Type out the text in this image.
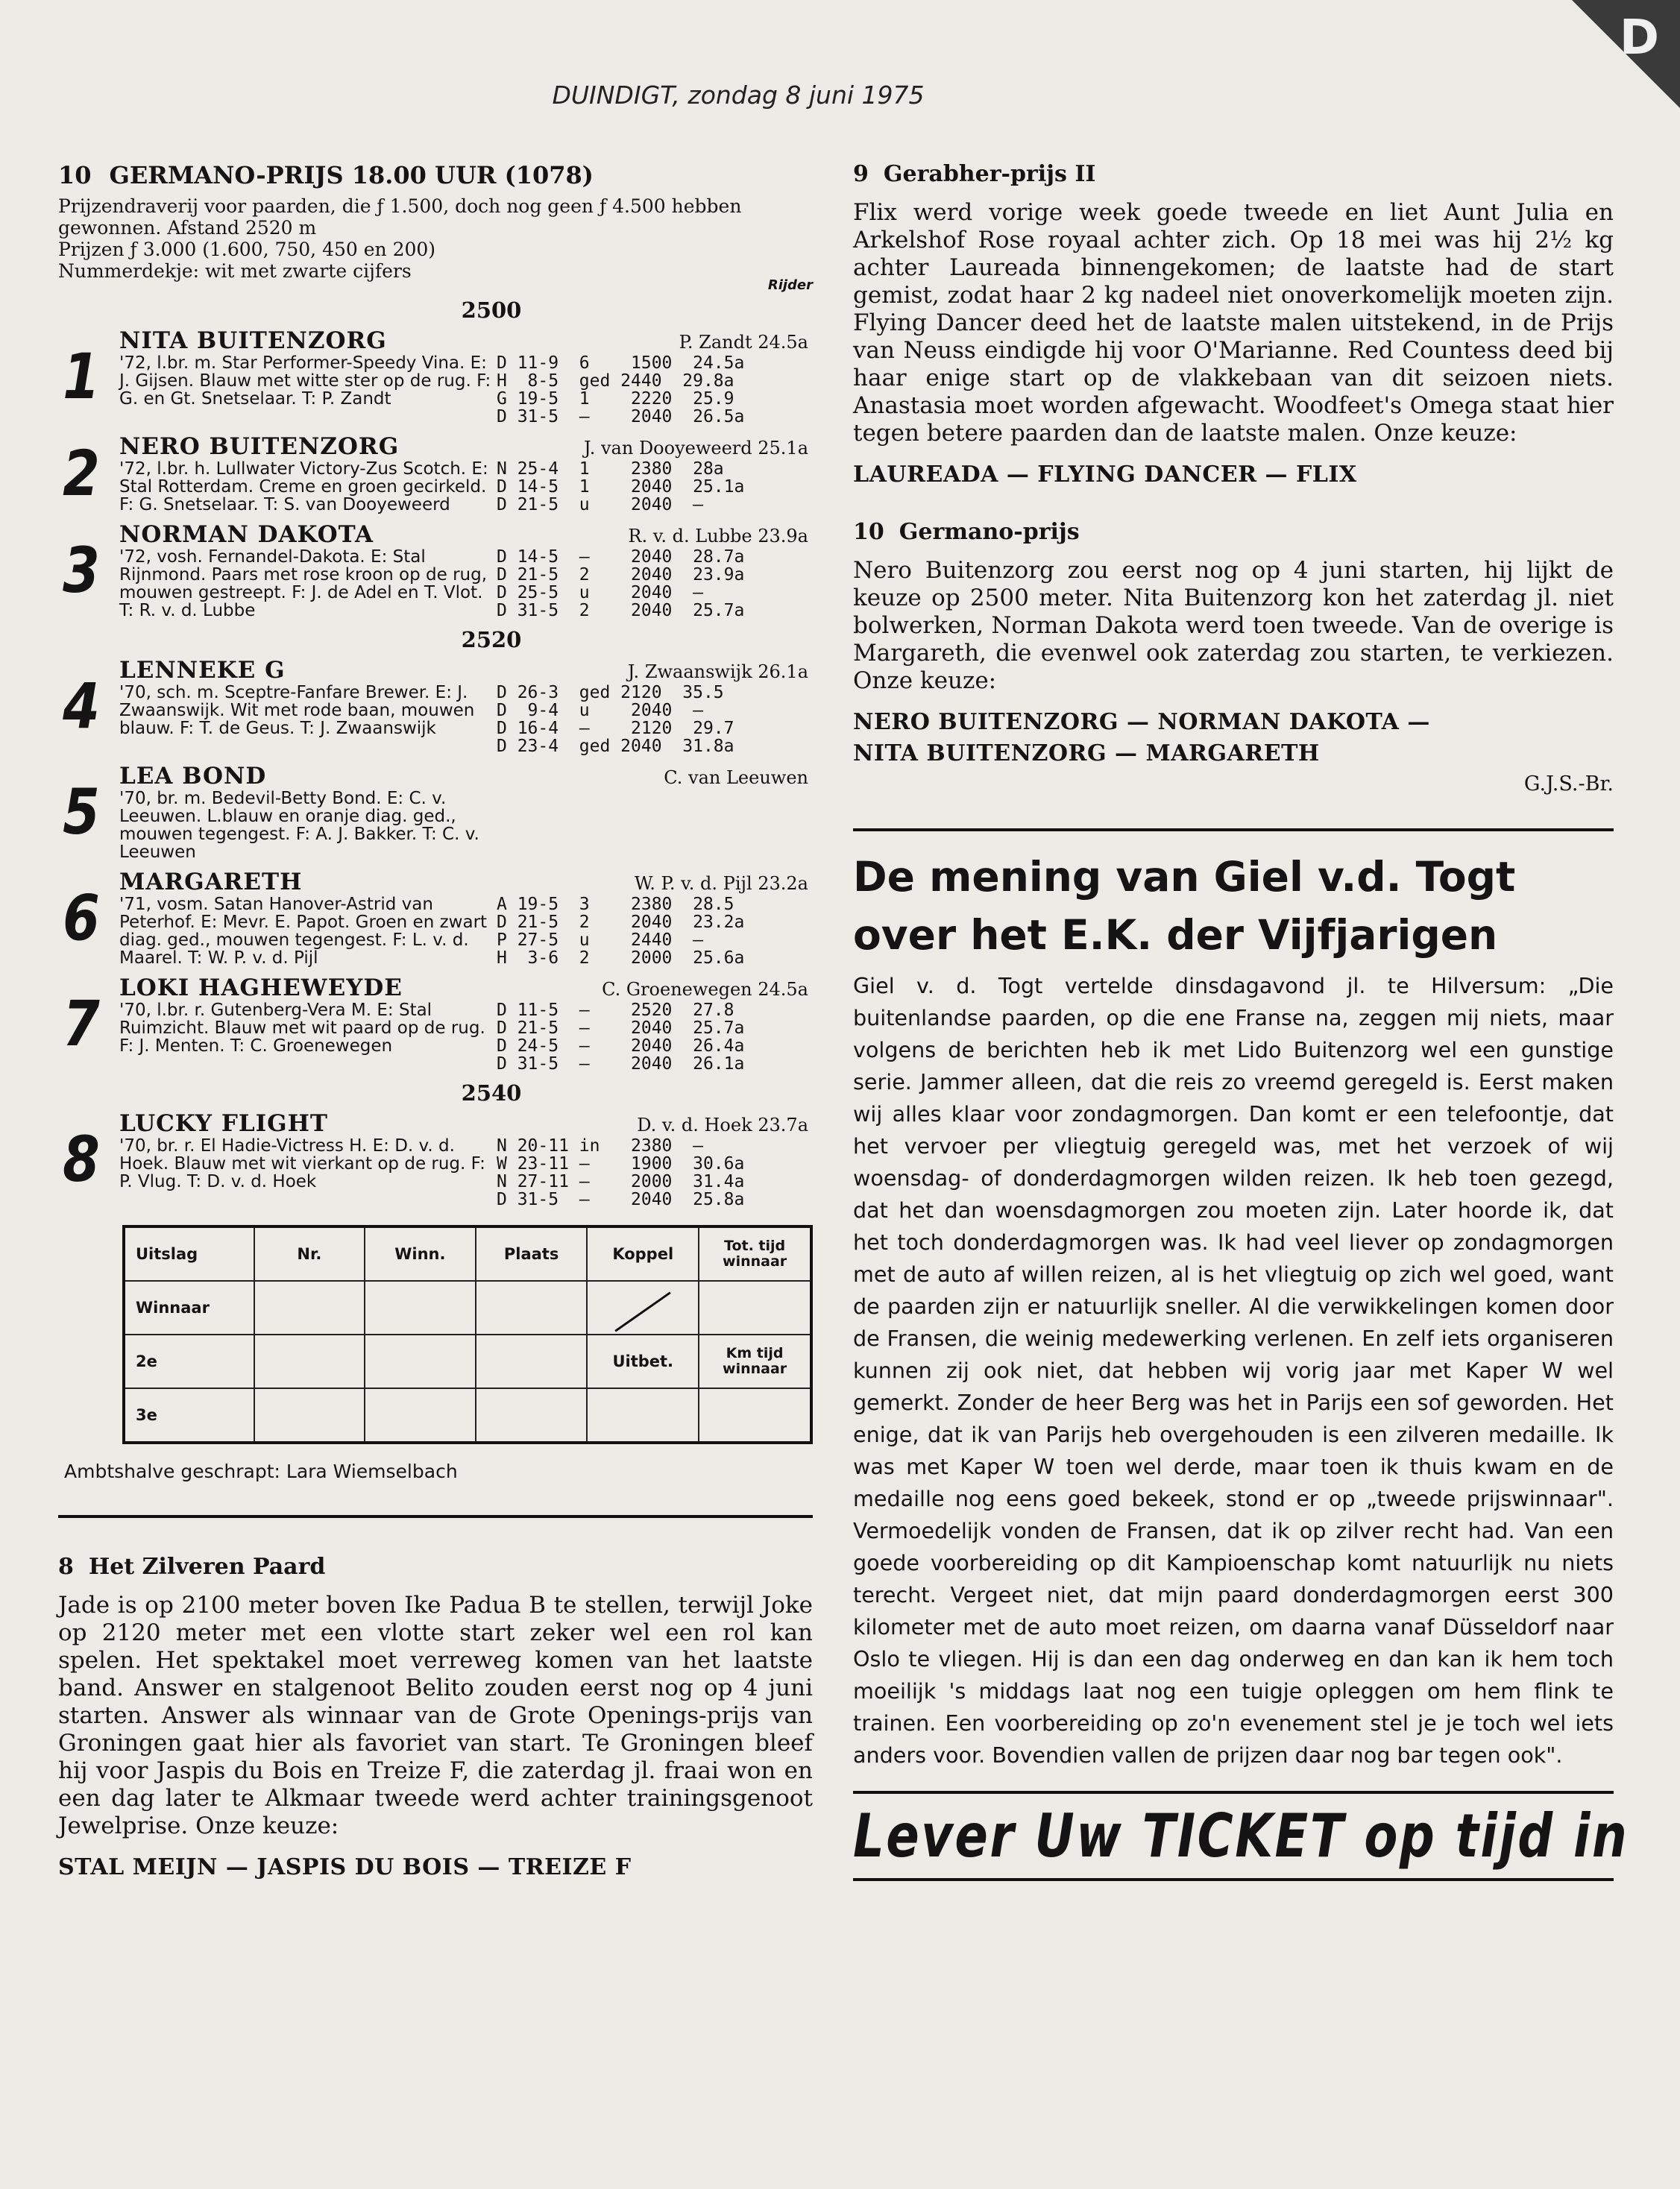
D
DUINDIGT, zondag 8 juni 1975
10 GERMANO-PRIJS 18.00 UUR (1078)
Prijzendraverij voor paarden, die ƒ 1.500, doch nog geen ƒ 4.500 hebben gewonnen. Afstand 2520 m
Prijzen ƒ 3.000 (1.600, 750, 450 en 200)
Nummerdekje: wit met zwarte cijfers
Rijder
2500
1 NITA BUITENZORG	P. Zandt 24.5a
'72, l.br. m. Star Performer-Speedy Vina. E: J. Gijsen. Blauw met witte ster op de rug. F: G. en Gt. Snetselaar. T: P. Zandt
D 11-9  6    1500  24.5a
H  8-5  ged 2440  29.8a
G 19-5  1    2220  25.9
D 31-5  —    2040  26.5a
2 NERO BUITENZORG	J. van Dooyeweerd 25.1a
'72, l.br. h. Lullwater Victory-Zus Scotch. E: Stal Rotterdam. Creme en groen gecirkeld. F: G. Snetselaar. T: S. van Dooyeweerd
N 25-4  1    2380  28a
D 14-5  1    2040  25.1a
D 21-5  u    2040  —
3 NORMAN DAKOTA	R. v. d. Lubbe 23.9a
'72, vosh. Fernandel-Dakota. E: Stal Rijnmond. Paars met rose kroon op de rug, mouwen gestreept. F: J. de Adel en T. Vlot. T: R. v. d. Lubbe
D 14-5  —    2040  28.7a
D 21-5  2    2040  23.9a
D 25-5  u    2040  —
D 31-5  2    2040  25.7a
2520
4 LENNEKE G	J. Zwaanswijk 26.1a
'70, sch. m. Sceptre-Fanfare Brewer. E: J. Zwaanswijk. Wit met rode baan, mouwen blauw. F: T. de Geus. T: J. Zwaanswijk
D 26-3  ged 2120  35.5
D  9-4  u    2040  —
D 16-4  —    2120  29.7
D 23-4  ged 2040  31.8a
5 LEA BOND	C. van Leeuwen
'70, br. m. Bedevil-Betty Bond. E: C. v. Leeuwen. L.blauw en oranje diag. ged., mouwen tegengest. F: A. J. Bakker. T: C. v. Leeuwen
6 MARGARETH	W. P. v. d. Pijl 23.2a
'71, vosm. Satan Hanover-Astrid van Peterhof. E: Mevr. E. Papot. Groen en zwart diag. ged., mouwen tegengest. F: L. v. d. Maarel. T: W. P. v. d. Pijl
A 19-5  3    2380  28.5
D 21-5  2    2040  23.2a
P 27-5  u    2440  —
H  3-6  2    2000  25.6a
7 LOKI HAGHEWEYDE	C. Groenewegen 24.5a
'70, l.br. r. Gutenberg-Vera M. E: Stal Ruimzicht. Blauw met wit paard op de rug. F: J. Menten. T: C. Groenewegen
D 11-5  —    2520  27.8
D 21-5  —    2040  25.7a
D 24-5  —    2040  26.4a
D 31-5  —    2040  26.1a
2540
8 LUCKY FLIGHT	D. v. d. Hoek 23.7a
'70, br. r. El Hadie-Victress H. E: D. v. d. Hoek. Blauw met wit vierkant op de rug. F: P. Vlug. T: D. v. d. Hoek
N 20-11 in   2380  —
W 23-11 —    1900  30.6a
N 27-11 —    2000  31.4a
D 31-5  —    2040  25.8a
Uitslag	Nr.	Winn.	Plaats	Koppel	Tot. tijd winnaar
Winnaar					
2e				Uitbet.	Km tijd winnaar
3e					
Ambtshalve geschrapt: Lara Wiemselbach
8 Het Zilveren Paard
Jade is op 2100 meter boven Ike Padua B te stellen, terwijl Joke op 2120 meter met een vlotte start zeker wel een rol kan spelen. Het spektakel moet verreweg komen van het laatste band. Answer en stalgenoot Belito zouden eerst nog op 4 juni starten. Answer als winnaar van de Grote Openings-prijs van Groningen gaat hier als favoriet van start. Te Groningen bleef hij voor Jaspis du Bois en Treize F, die zaterdag jl. fraai won en een dag later te Alkmaar tweede werd achter trainingsgenoot Jewelprise. Onze keuze:
STAL MEIJN — JASPIS DU BOIS — TREIZE F
9 Gerabher-prijs II
Flix werd vorige week goede tweede en liet Aunt Julia en Arkelshof Rose royaal achter zich. Op 18 mei was hij 2½ kg achter Laureada binnengekomen; de laatste had de start gemist, zodat haar 2 kg nadeel niet onoverkomelijk moeten zijn. Flying Dancer deed het de laatste malen uitstekend, in de Prijs van Neuss eindigde hij voor O'Marianne. Red Countess deed bij haar enige start op de vlakkebaan van dit seizoen niets. Anastasia moet worden afgewacht. Woodfeet's Omega staat hier tegen betere paarden dan de laatste malen. Onze keuze:
LAUREADA — FLYING DANCER — FLIX
10 Germano-prijs
Nero Buitenzorg zou eerst nog op 4 juni starten, hij lijkt de keuze op 2500 meter. Nita Buitenzorg kon het zaterdag jl. niet bolwerken, Norman Dakota werd toen tweede. Van de overige is Margareth, die evenwel ook zaterdag zou starten, te verkiezen. Onze keuze:
NERO BUITENZORG — NORMAN DAKOTA —
NITA BUITENZORG — MARGARETH
G.J.S.-Br.
De mening van Giel v.d. Togt
over het E.K. der Vijfjarigen
Giel v. d. Togt vertelde dinsdagavond jl. te Hilversum: „Die buitenlandse paarden, op die ene Franse na, zeggen mij niets, maar volgens de berichten heb ik met Lido Buitenzorg wel een gunstige serie. Jammer alleen, dat die reis zo vreemd geregeld is. Eerst maken wij alles klaar voor zondagmorgen. Dan komt er een telefoontje, dat het vervoer per vliegtuig geregeld was, met het verzoek of wij woensdag- of donderdagmorgen wilden reizen. Ik heb toen gezegd, dat het dan woensdagmorgen zou moeten zijn. Later hoorde ik, dat het toch donderdagmorgen was. Ik had veel liever op zondagmorgen met de auto af willen reizen, al is het vliegtuig op zich wel goed, want de paarden zijn er natuurlijk sneller. Al die verwikkelingen komen door de Fransen, die weinig medewerking verlenen. En zelf iets organiseren kunnen zij ook niet, dat hebben wij vorig jaar met Kaper W wel gemerkt. Zonder de heer Berg was het in Parijs een sof geworden. Het enige, dat ik van Parijs heb overgehouden is een zilveren medaille. Ik was met Kaper W toen wel derde, maar toen ik thuis kwam en de medaille nog eens goed bekeek, stond er op „tweede prijswinnaar". Vermoedelijk vonden de Fransen, dat ik op zilver recht had. Van een goede voorbereiding op dit Kampioenschap komt natuurlijk nu niets terecht. Vergeet niet, dat mijn paard donderdagmorgen eerst 300 kilometer met de auto moet reizen, om daarna vanaf Düsseldorf naar Oslo te vliegen. Hij is dan een dag onderweg en dan kan ik hem toch moeilijk 's middags laat nog een tuigje opleggen om hem flink te trainen. Een voorbereiding op zo'n evenement stel je je toch wel iets anders voor. Bovendien vallen de prijzen daar nog bar tegen ook".
Lever Uw TICKET op tijd in
